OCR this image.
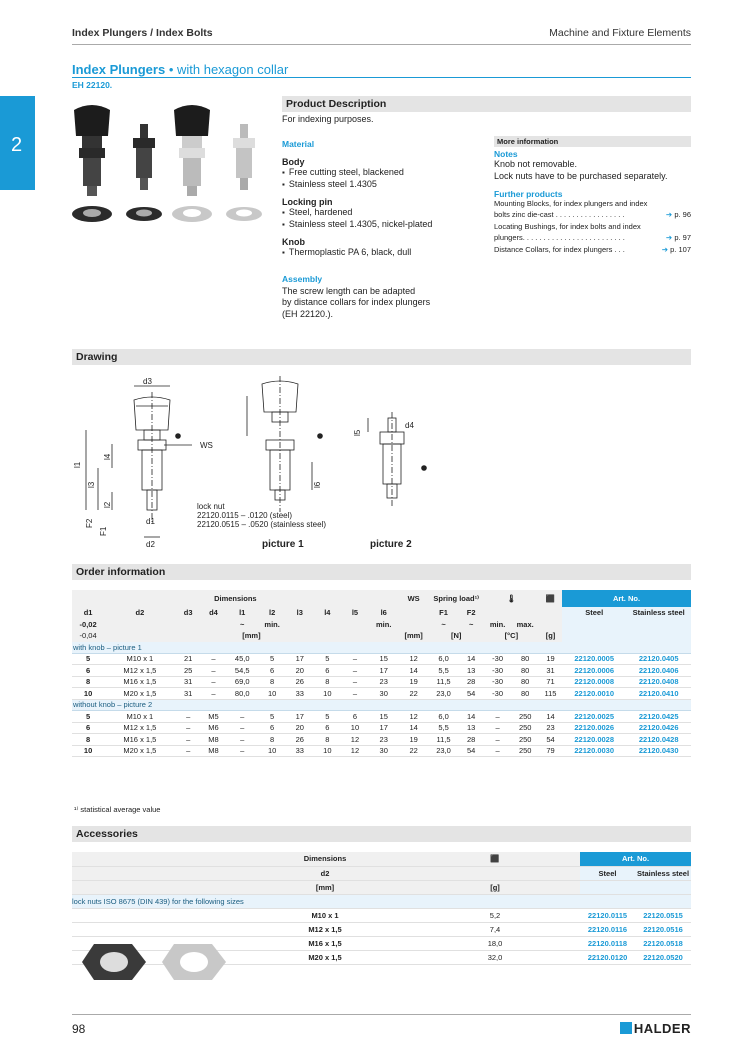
Index Plungers / Index Bolts	Machine and Fixture Elements
Index Plungers • with hexagon collar
EH 22120.
2
Product Description
For indexing purposes.
Material
Body
▪ Free cutting steel, blackened
▪ Stainless steel 1.4305
Locking pin
▪ Steel, hardened
▪ Stainless steel 1.4305, nickel-plated
Knob
▪ Thermoplastic PA 6, black, dull
Assembly
The screw length can be adapted
by distance collars for index plungers
(EH 22120.).
More information
Notes
Knob not removable.
Lock nuts have to be purchased separately.
Further products
Mounting Blocks, for index plungers and index
bolts zinc die-cast . . . . . . . . . . . . . . . . .	➔ p. 96
Locating Bushings, for index bolts and index
plungers. . . . . . . . . . . . . . . . . . . . . . . . .	➔ p. 97
Distance Collars, for index plungers . . .	➔ p. 107
Drawing
d3
l1
l3
l4
l2
F2
F1
d1
d2
WS
lock nut
22120.0115 – .0120 (steel)
22120.0515 – .0520 (stainless steel)
l6
picture 1
d4
l5
picture 2
Order information
Dimensions										WS	Spring load¹⁾		🌡		⬛	Art. No.	
d1	d2	d3	d4	l1	l2	l3	l4	l5	l6		F1	F2				Steel	Stainless steel
-0,02				~	min.				min.		~	~	min.	max.			
-0,04	[mm]									[mm]	[N]		[°C]		[g]		
with knob – picture 1																	
5	M10 x 1	21	–	45,0	5	17	5	–	15	12	6,0	14	-30	80	19	22120.0005	22120.0405
6	M12 x 1,5	25	–	54,5	6	20	6	–	17	14	5,5	13	-30	80	31	22120.0006	22120.0406
8	M16 x 1,5	31	–	69,0	8	26	8	–	23	19	11,5	28	-30	80	71	22120.0008	22120.0408
10	M20 x 1,5	31	–	80,0	10	33	10	–	30	22	23,0	54	-30	80	115	22120.0010	22120.0410
without knob – picture 2																	
5	M10 x 1	–	M5	–	5	17	5	6	15	12	6,0	14	–	250	14	22120.0025	22120.0425
6	M12 x 1,5	–	M6	–	6	20	6	10	17	14	5,5	13	–	250	23	22120.0026	22120.0426
8	M16 x 1,5	–	M8	–	8	26	8	12	23	19	11,5	28	–	250	54	22120.0028	22120.0428
10	M20 x 1,5	–	M8	–	10	33	10	12	30	22	23,0	54	–	250	79	22120.0030	22120.0430
¹⁾ statistical average value
Accessories
	Dimensions	⬛	Art. No.	
	d2		Steel	Stainless steel
	[mm]	[g]		
lock nuts ISO 8675 (DIN 439) for the following sizes				
	M10 x 1	5,2	22120.0115	22120.0515
	M12 x 1,5	7,4	22120.0116	22120.0516
	M16 x 1,5	18,0	22120.0118	22120.0518
	M20 x 1,5	32,0	22120.0120	22120.0520
98	HALDER
